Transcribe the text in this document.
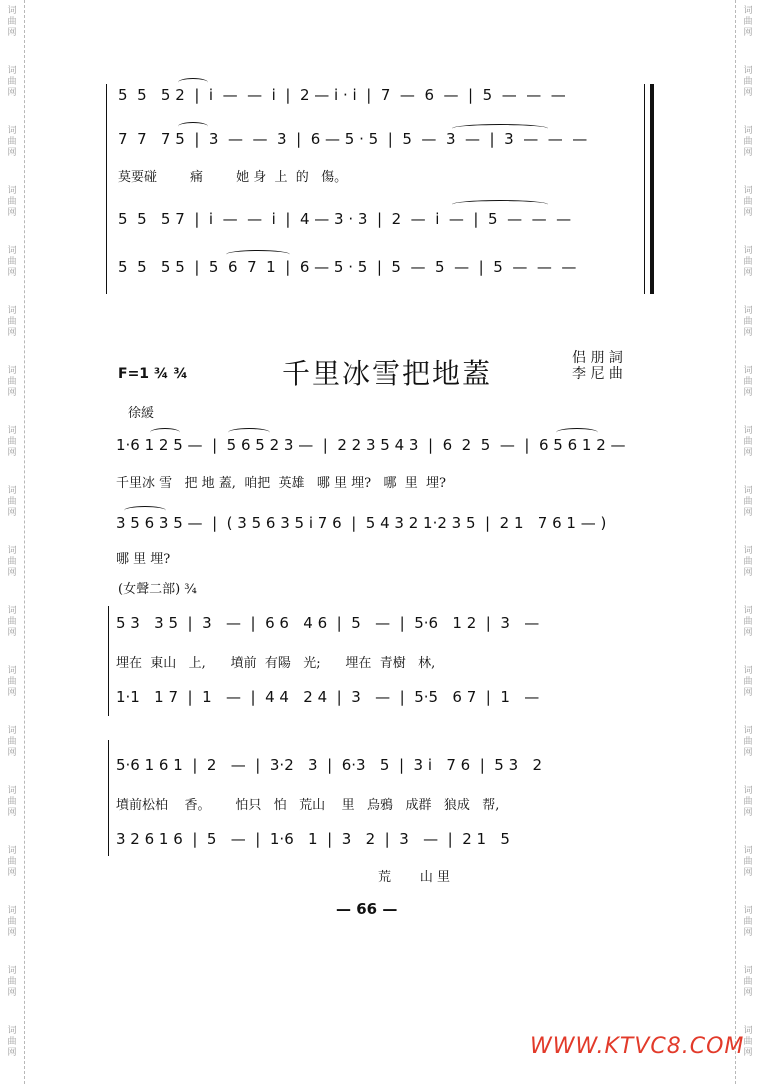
词
曲
网
词
曲
网
词
曲
网
词
曲
网
词
曲
网
词
曲
网
词
曲
网
词
曲
网
词
曲
网
词
曲
网
词
曲
网
词
曲
网
词
曲
网
词
曲
网
词
曲
网
词
曲
网
词
曲
网
词
曲
网
词
曲
网
词
曲
网
词
曲
网
词
曲
网
词
曲
网
词
曲
网
词
曲
网
词
曲
网
词
曲
网
词
曲
网
词
曲
网
词
曲
网
词
曲
网
词
曲
网
词
曲
网
词
曲
网
词
曲
网
词
曲
网
5  5   5 2  |  i  —  —  i  |  2 — i · i  |  7  —  6  —  |  5  —  —  —
7  7   7 5  |  3  —  —  3  |  6 — 5 · 5  |  5  —  3  —  |  3  —  —  —
莫要碰        痛        她 身  上  的   傷。
5  5   5 7  |  i  —  —  i  |  4 — 3 · 3  |  2  —  i  —  |  5  —  —  —
5  5   5 5  |  5  6  7  1  |  6 — 5 · 5  |  5  —  5  —  |  5  —  —  —
F=1 ¾ ¾	千里冰雪把地蓋	侣 朋 詞
李 尼 曲
徐緩
1·6 1 2 5 —  |  5 6 5 2 3 —  |  2 2 3 5 4 3  |  6  2  5  —  |  6 5 6 1 2 —
千里冰 雪   把 地 蓋,  咱把  英雄   哪 里 埋?   哪  里  埋?
3 5 6 3 5 —  |  ( 3 5 6 3 5 i 7 6  |  5 4 3 2 1·2 3 5  |  2 1   7 6 1 — )
哪 里 埋?
(女聲二部) ¾
5 3   3 5  |  3   —  |  6 6   4 6  |  5   —  |  5·6   1 2  |  3   —
埋在  東山   上,      墳前  有陽   光;      埋在  青樹   林,
1·1   1 7  |  1   —  |  4 4   2 4  |  3   —  |  5·5   6 7  |  1   —
5·6 1 6 1  |  2   —  |  3·2   3  |  6·3   5  |  3 i   7 6  |  5 3   2
墳前松柏    香。      怕只   怕   荒山    里   烏鴉   成群   狼成   帮,
3 2 6 1 6  |  5   —  |  1·6   1  |  3   2  |  3   —  |  2 1   5
荒       山 里
— 66 —
WWW.KTVC8.COM
